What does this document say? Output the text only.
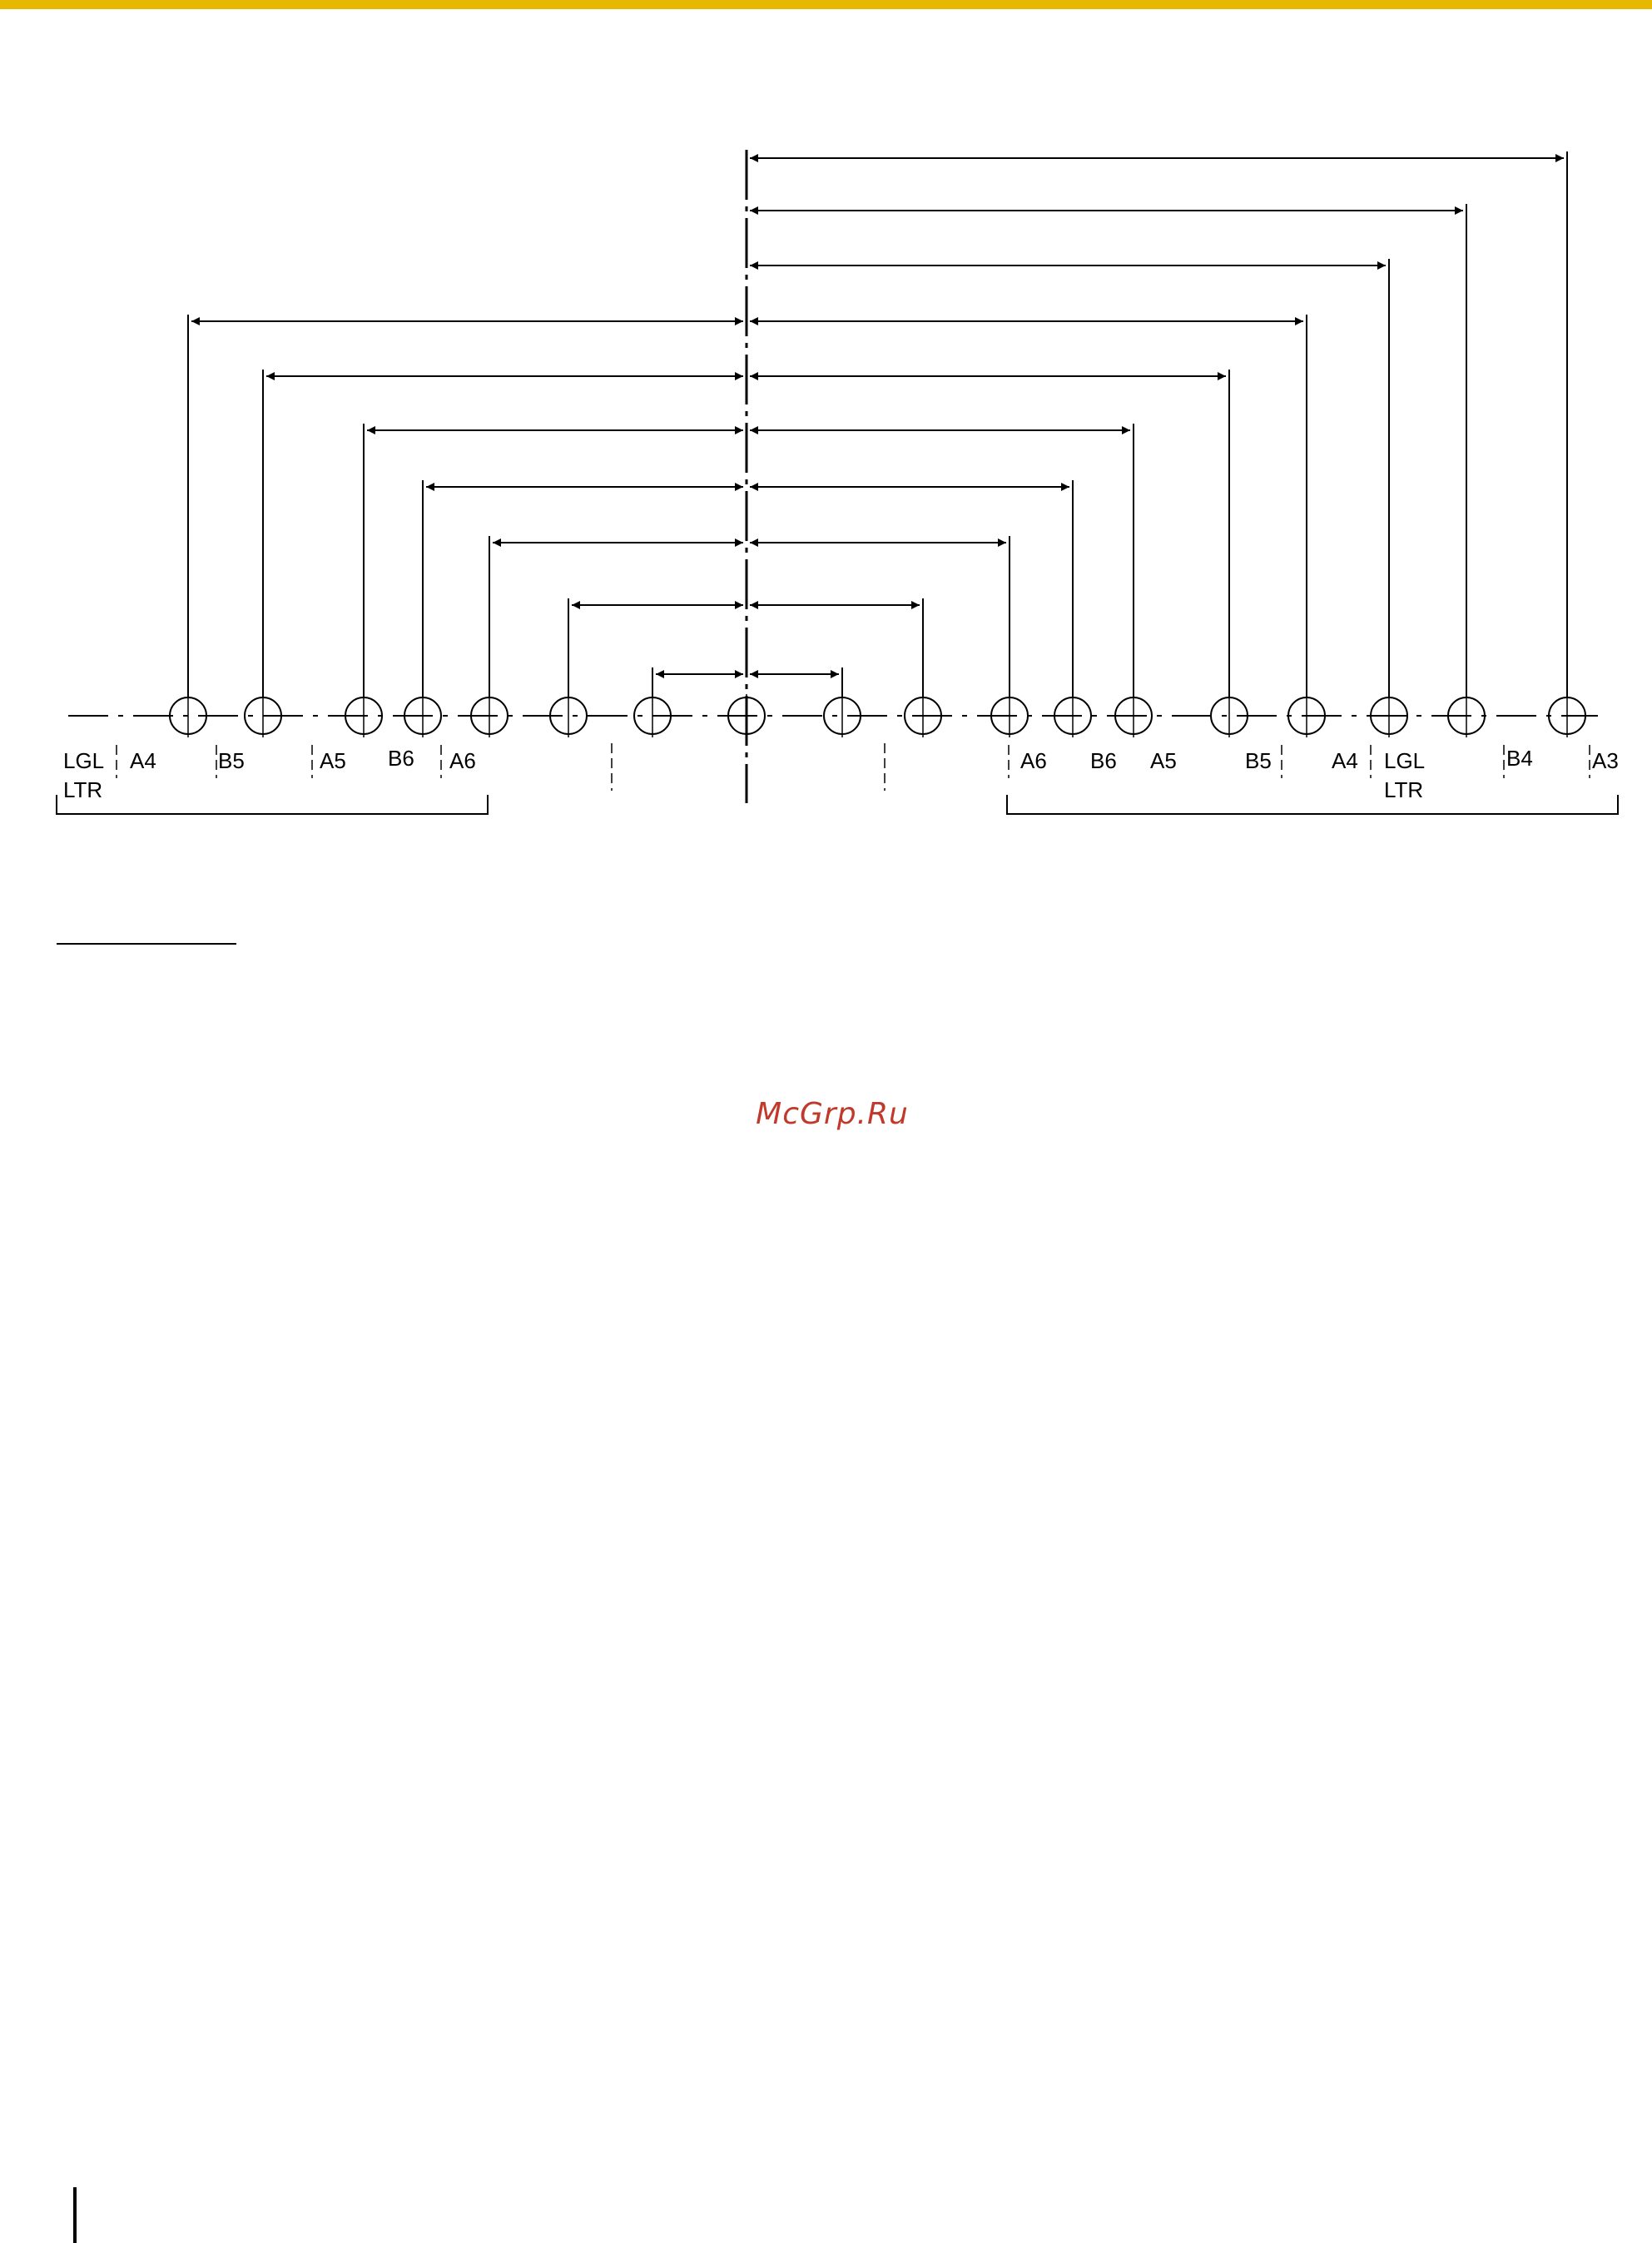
LGL
LTR
A4	B5	A5 B6 A6	A6 B6 A5	B5	A4 LGL
LTR
B4	A3
McGrp.Ru
